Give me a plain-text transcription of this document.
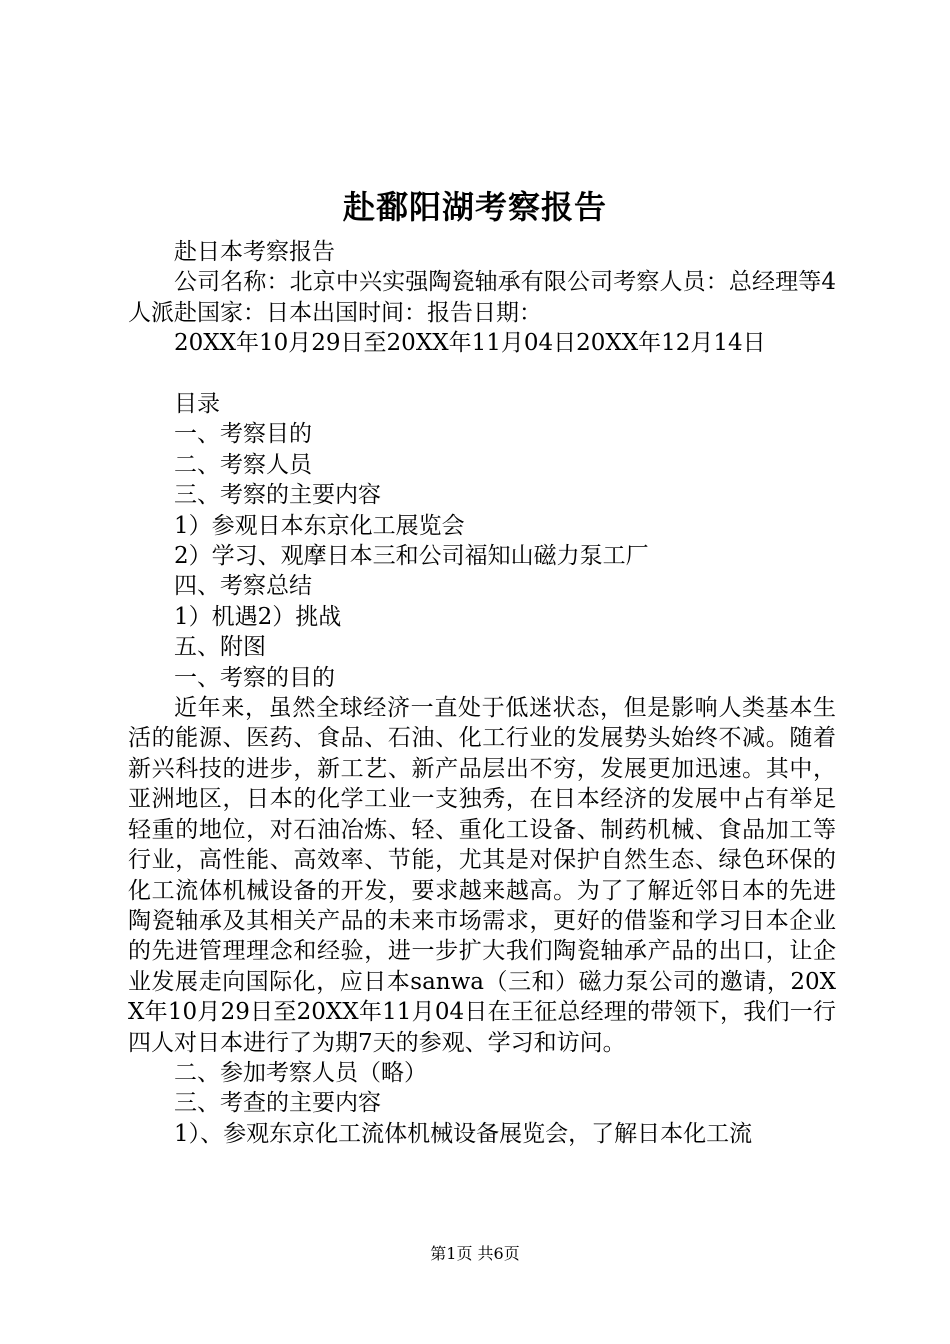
赴鄱阳湖考察报告

赴日本考察报告

公司名称：北京中兴实强陶瓷轴承有限公司考察人员：总经理等4人派赴国家：日本出国时间：报告日期：

20XX年10月29日至20XX年11月04日20XX年12月14日

目录

一、考察目的

二、考察人员

三、考察的主要内容

1）参观日本东京化工展览会

2）学习、观摩日本三和公司福知山磁力泵工厂

四、考察总结

1）机遇2）挑战

五、附图

一、考察的目的

近年来，虽然全球经济一直处于低迷状态，但是影响人类基本生活的能源、医药、食品、石油、化工行业的发展势头始终不减。随着新兴科技的进步，新工艺、新产品层出不穷，发展更加迅速。其中，亚洲地区，日本的化学工业一支独秀，在日本经济的发展中占有举足轻重的地位，对石油冶炼、轻、重化工设备、制药机械、食品加工等行业，高性能、高效率、节能，尤其是对保护自然生态、绿色环保的化工流体机械设备的开发，要求越来越高。为了了解近邻日本的先进陶瓷轴承及其相关产品的未来市场需求，更好的借鉴和学习日本企业的先进管理理念和经验，进一步扩大我们陶瓷轴承产品的出口，让企业发展走向国际化，应日本sanwa（三和）磁力泵公司的邀请，20XX年10月29日至20XX年11月04日在王征总经理的带领下，我们一行四人对日本进行了为期7天的参观、学习和访问。

二、参加考察人员（略）

三、考查的主要内容

1）、参观东京化工流体机械设备展览会，了解日本化工流

第1页 共6页
